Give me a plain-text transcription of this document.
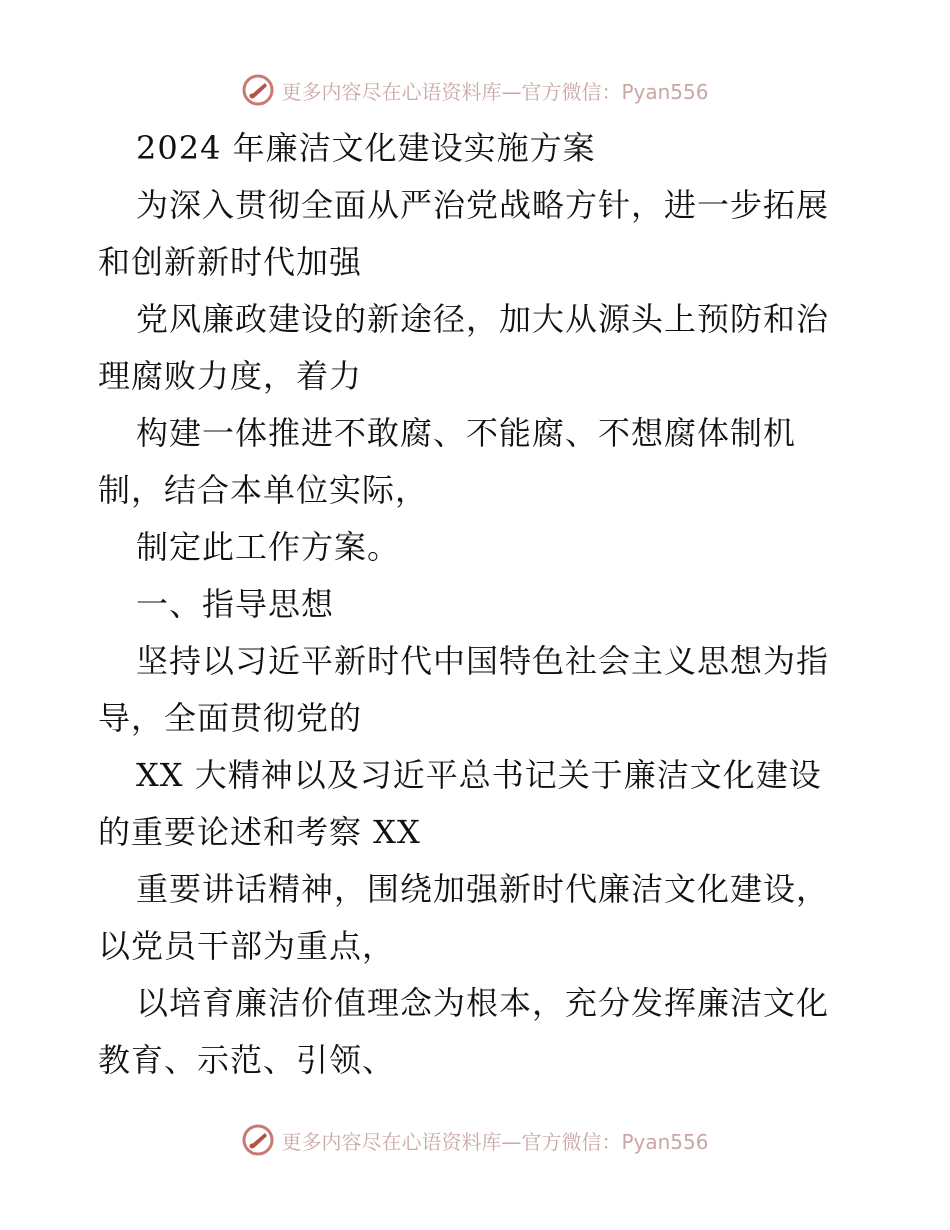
更多内容尽在心语资料库—官方微信：Pyan556
2024 年廉洁文化建设实施方案
为深入贯彻全面从严治党战略方针，进一步拓展
和创新新时代加强
党风廉政建设的新途径，加大从源头上预防和治
理腐败力度，着力
构建一体推进不敢腐、不能腐、不想腐体制机
制，结合本单位实际，
制定此工作方案。
一、指导思想
坚持以习近平新时代中国特色社会主义思想为指
导，全面贯彻党的
XX 大精神以及习近平总书记关于廉洁文化建设
的重要论述和考察 XX
重要讲话精神，围绕加强新时代廉洁文化建设，
以党员干部为重点，
以培育廉洁价值理念为根本，充分发挥廉洁文化
教育、示范、引领、
更多内容尽在心语资料库—官方微信：Pyan556
